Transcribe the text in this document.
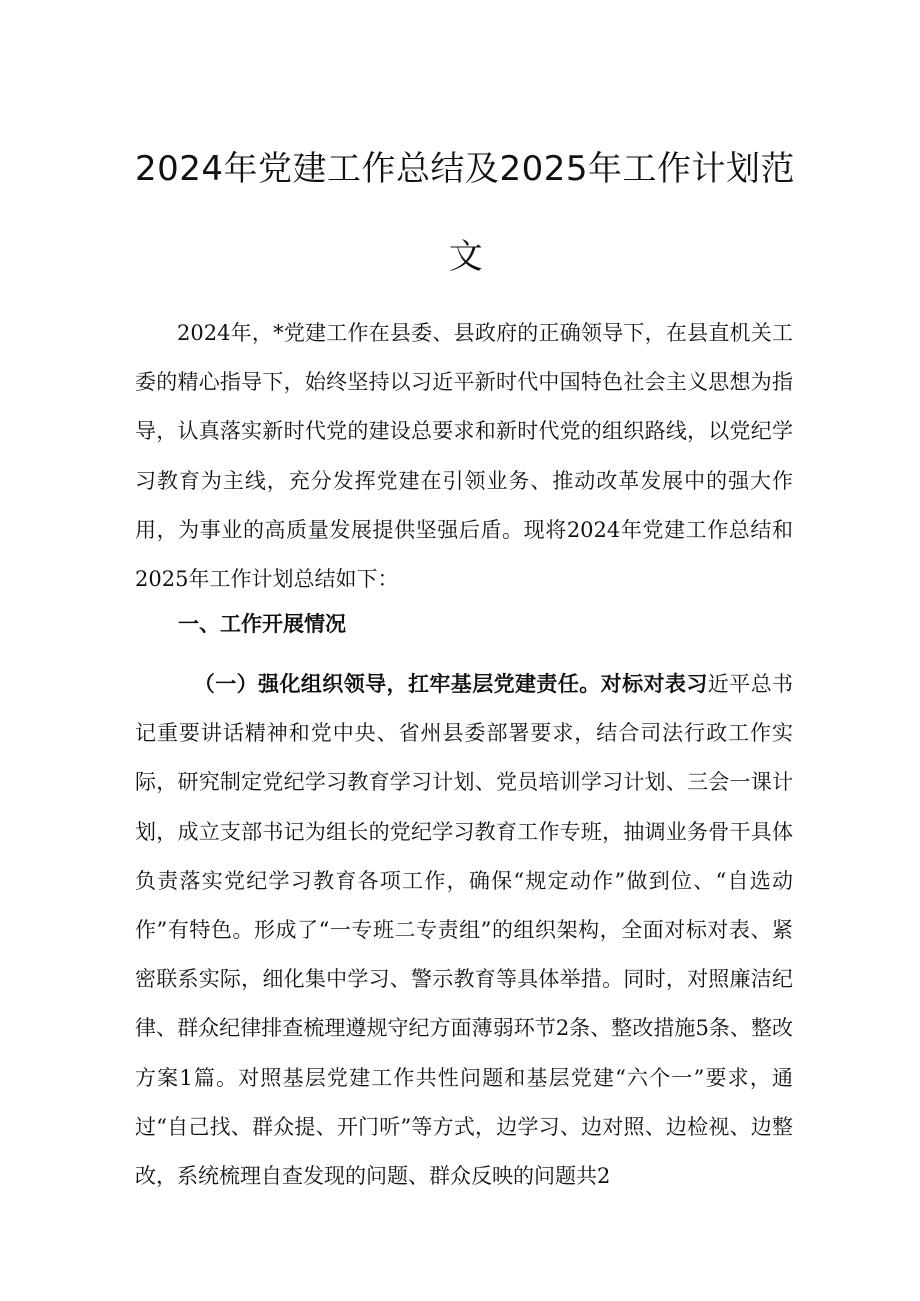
2024年党建工作总结及2025年工作计划范
文

2024年，*党建工作在县委、县政府的正确领导下，在县直机关工委的精心指导下，始终坚持以习近平新时代中国特色社会主义思想为指导，认真落实新时代党的建设总要求和新时代党的组织路线，以党纪学习教育为主线，充分发挥党建在引领业务、推动改革发展中的强大作用，为事业的高质量发展提供坚强后盾。现将2024年党建工作总结和2025年工作计划总结如下：

一、工作开展情况

（一）强化组织领导，扛牢基层党建责任。对标对表习近平总书记重要讲话精神和党中央、省州县委部署要求，结合司法行政工作实际，研究制定党纪学习教育学习计划、党员培训学习计划、三会一课计划，成立支部书记为组长的党纪学习教育工作专班，抽调业务骨干具体负责落实党纪学习教育各项工作，确保“规定动作”做到位、“自选动作”有特色。形成了“一专班二专责组”的组织架构，全面对标对表、紧密联系实际，细化集中学习、警示教育等具体举措。同时，对照廉洁纪律、群众纪律排查梳理遵规守纪方面薄弱环节2条、整改措施5条、整改方案1篇。对照基层党建工作共性问题和基层党建“六个一”要求，通过“自己找、群众提、开门听”等方式，边学习、边对照、边检视、边整改，系统梳理自查发现的问题、群众反映的问题共2
